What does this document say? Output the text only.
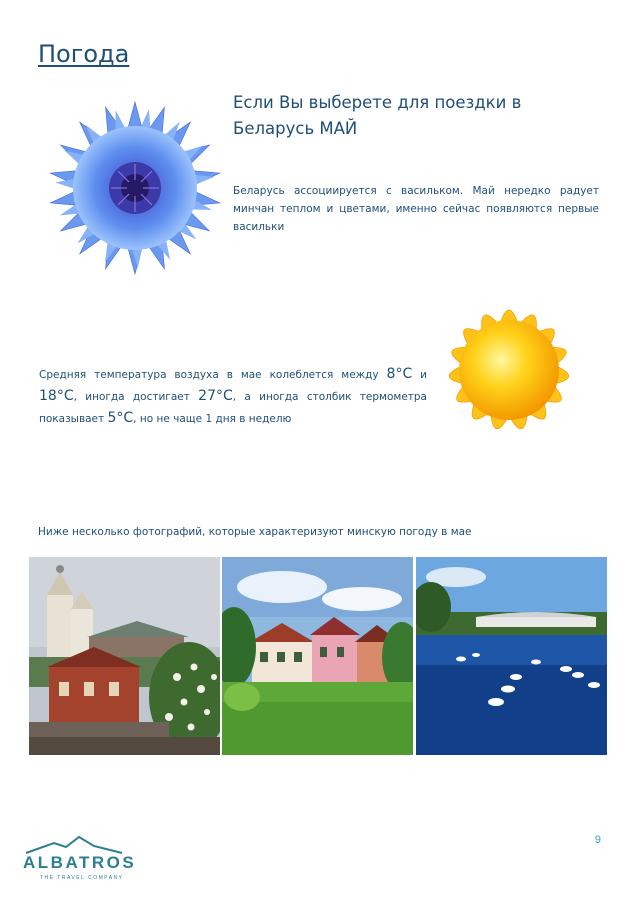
Погода
Если Вы выберете для поездки в Беларусь МАЙ
Беларусь ассоциируется с васильком. Май нередко радует минчан теплом и цветами, именно сейчас появляются первые васильки
Средняя температура воздуха в мае колеблется между 8°С и 18°С, иногда достигает 27°С, а иногда столбик термометра показывает 5°С, но не чаще 1 дня в неделю
Ниже несколько фотографий, которые характеризуют минскую погоду в мае
9
ALBATROS
THE TRAVEL COMPANY
